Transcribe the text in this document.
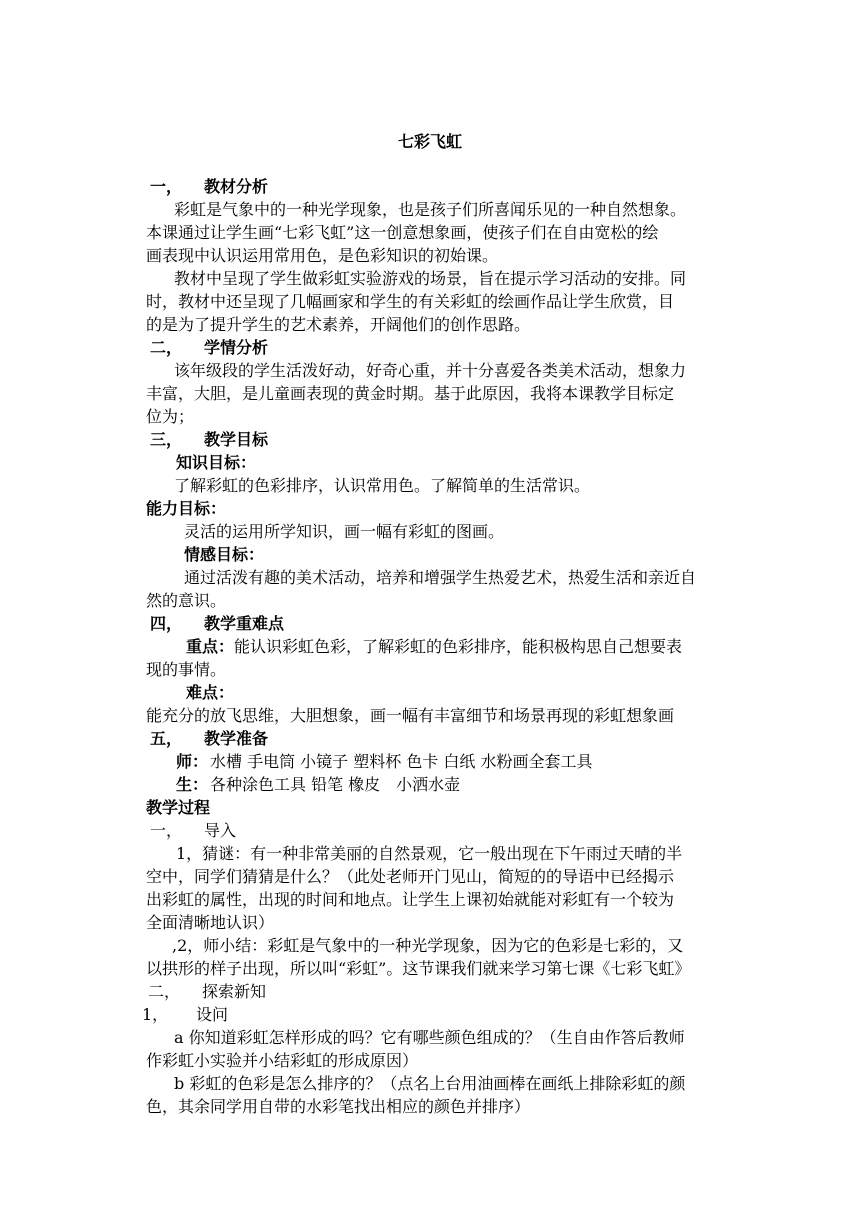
七彩飞虹
一， 教材分析
彩虹是气象中的一种光学现象，也是孩子们所喜闻乐见的一种自然想象。
本课通过让学生画“七彩飞虹”这一创意想象画，使孩子们在自由宽松的绘
画表现中认识运用常用色，是色彩知识的初始课。
教材中呈现了学生做彩虹实验游戏的场景，旨在提示学习活动的安排。同
时，教材中还呈现了几幅画家和学生的有关彩虹的绘画作品让学生欣赏，目
的是为了提升学生的艺术素养，开阔他们的创作思路。
二， 学情分析
该年级段的学生活泼好动，好奇心重，并十分喜爱各类美术活动，想象力
丰富，大胆，是儿童画表现的黄金时期。基于此原因，我将本课教学目标定
位为；
三， 教学目标
知识目标：
了解彩虹的色彩排序，认识常用色。了解简单的生活常识。
能力目标：
灵活的运用所学知识，画一幅有彩虹的图画。
情感目标：
通过活泼有趣的美术活动，培养和增强学生热爱艺术，热爱生活和亲近自
然的意识。
四， 教学重难点
重点： 能认识彩虹色彩，了解彩虹的色彩排序，能积极构思自己想要表
现的事情。
难点：
能充分的放飞思维，大胆想象，画一幅有丰富细节和场景再现的彩虹想象画
五， 教学准备
师： 水槽 手电筒 小镜子 塑料杯 色卡 白纸 水粉画全套工具
生： 各种涂色工具 铅笔 橡皮　小洒水壶
教学过程
一， 导入
1，猜谜：有一种非常美丽的自然景观，它一般出现在下午雨过天晴的半
空中，同学们猜猜是什么？（此处老师开门见山，简短的的导语中已经揭示
出彩虹的属性，出现的时间和地点。让学生上课初始就能对彩虹有一个较为
全面清晰地认识）
,2，师小结：彩虹是气象中的一种光学现象，因为它的色彩是七彩的，又
以拱形的样子出现，所以叫“彩虹”。这节课我们就来学习第七课《七彩飞虹》
二， 探索新知
1， 设问
a 你知道彩虹怎样形成的吗？它有哪些颜色组成的？（生自由作答后教师
作彩虹小实验并小结彩虹的形成原因）
b 彩虹的色彩是怎么排序的？（点名上台用油画棒在画纸上排除彩虹的颜
色，其余同学用自带的水彩笔找出相应的颜色并排序）
